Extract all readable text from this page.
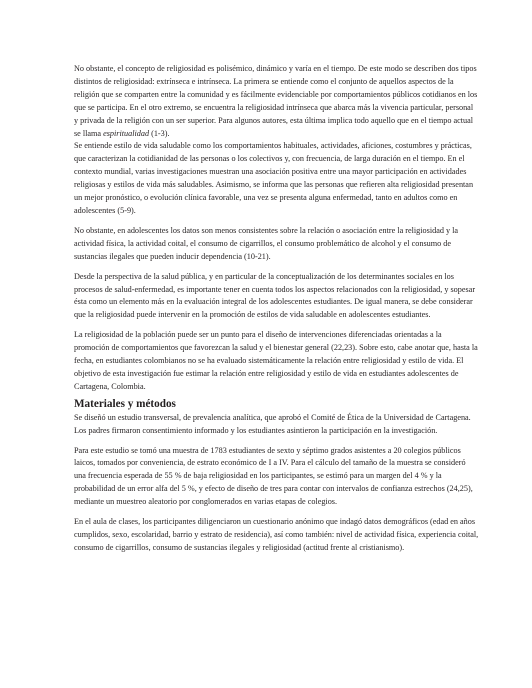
No obstante, el concepto de religiosidad es polisémico, dinámico y varía en el tiempo. De este modo se describen dos tipos distintos de religiosidad: extrínseca e intrínseca. La primera se entiende como el conjunto de aquellos aspectos de la religión que se comparten entre la comunidad y es fácilmente evidenciable por comportamientos públicos cotidianos en los que se participa. En el otro extremo, se encuentra la religiosidad intrínseca que abarca más la vivencia particular, personal y privada de la religión con un ser superior. Para algunos autores, esta última implica todo aquello que en el tiempo actual se llama espiritualidad (1-3).

Se entiende estilo de vida saludable como los comportamientos habituales, actividades, aficiones, costumbres y prácticas, que caracterizan la cotidianidad de las personas o los colectivos y, con frecuencia, de larga duración en el tiempo. En el contexto mundial, varias investigaciones muestran una asociación positiva entre una mayor participación en actividades religiosas y estilos de vida más saludables. Asimismo, se informa que las personas que refieren alta religiosidad presentan un mejor pronóstico, o evolución clínica favorable, una vez se presenta alguna enfermedad, tanto en adultos como en adolescentes (5-9).

No obstante, en adolescentes los datos son menos consistentes sobre la relación o asociación entre la religiosidad y la actividad física, la actividad coital, el consumo de cigarrillos, el consumo problemático de alcohol y el consumo de sustancias ilegales que pueden inducir dependencia (10-21).

Desde la perspectiva de la salud pública, y en particular de la conceptualización de los determinantes sociales en los procesos de salud-enfermedad, es importante tener en cuenta todos los aspectos relacionados con la religiosidad, y sopesar ésta como un elemento más en la evaluación integral de los adolescentes estudiantes. De igual manera, se debe considerar que la religiosidad puede intervenir en la promoción de estilos de vida saludable en adolescentes estudiantes.

La religiosidad de la población puede ser un punto para el diseño de intervenciones diferenciadas orientadas a la promoción de comportamientos que favorezcan la salud y el bienestar general (22,23). Sobre esto, cabe anotar que, hasta la fecha, en estudiantes colombianos no se ha evaluado sistemáticamente la relación entre religiosidad y estilo de vida. El objetivo de esta investigación fue estimar la relación entre religiosidad y estilo de vida en estudiantes adolescentes de Cartagena, Colombia.

Materiales y métodos

Se diseñó un estudio transversal, de prevalencia analítica, que aprobó el Comité de Ética de la Universidad de Cartagena. Los padres firmaron consentimiento informado y los estudiantes asintieron la participación en la investigación.

Para este estudio se tomó una muestra de 1783 estudiantes de sexto y séptimo grados asistentes a 20 colegios públicos laicos, tomados por conveniencia, de estrato económico de I a IV. Para el cálculo del tamaño de la muestra se consideró una frecuencia esperada de 55 % de baja religiosidad en los participantes, se estimó para un margen del 4 % y la probabilidad de un error alfa del 5 %, y efecto de diseño de tres para contar con intervalos de confianza estrechos (24,25), mediante un muestreo aleatorio por conglomerados en varias etapas de colegios.

En el aula de clases, los participantes diligenciaron un cuestionario anónimo que indagó datos demográficos (edad en años cumplidos, sexo, escolaridad, barrio y estrato de residencia), así como también: nivel de actividad física, experiencia coital, consumo de cigarrillos, consumo de sustancias ilegales y religiosidad (actitud frente al cristianismo).
